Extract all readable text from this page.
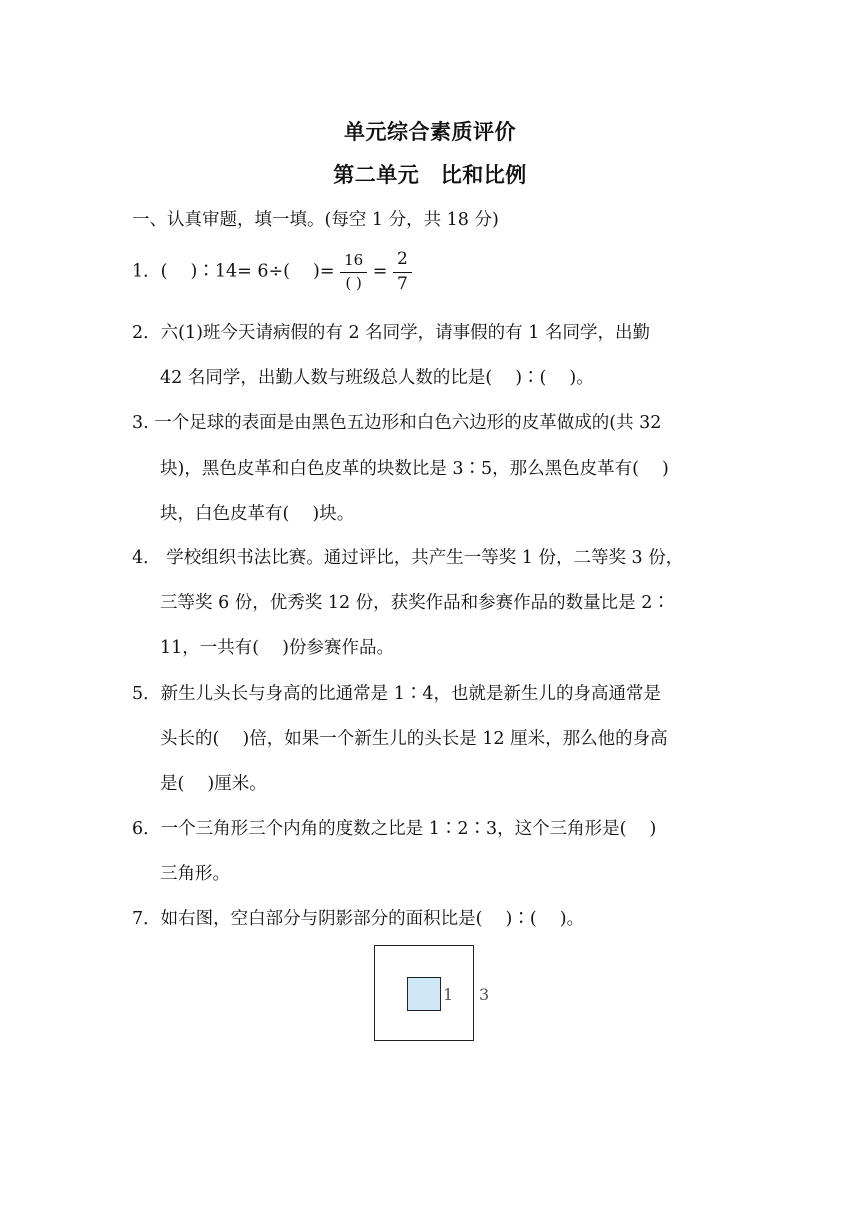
单元综合素质评价
第二单元　比和比例
一、认真审题，填一填。(每空 1 分，共 18 分)
1．(　 )∶14= 6÷(　 )= $\frac{16}{( )} = \frac{2}{7}$
2．六(1)班今天请病假的有 2 名同学，请事假的有 1 名同学，出勤
42 名同学，出勤人数与班级总人数的比是(　 )∶(　 )。
3. 一个足球的表面是由黑色五边形和白色六边形的皮革做成的(共 32
块)，黑色皮革和白色皮革的块数比是 3∶5，那么黑色皮革有(　 )
块，白色皮革有(　 )块。
4． 学校组织书法比赛。通过评比，共产生一等奖 1 份，二等奖 3 份，
三等奖 6 份，优秀奖 12 份，获奖作品和参赛作品的数量比是 2∶
11，一共有(　 )份参赛作品。
5．新生儿头长与身高的比通常是 1∶4，也就是新生儿的身高通常是
头长的(　 )倍，如果一个新生儿的头长是 12 厘米，那么他的身高
是(　 )厘米。
6．一个三角形三个内角的度数之比是 1∶2∶3，这个三角形是(　 )
三角形。
7．如右图，空白部分与阴影部分的面积比是(　 )∶(　 )。
1 3
